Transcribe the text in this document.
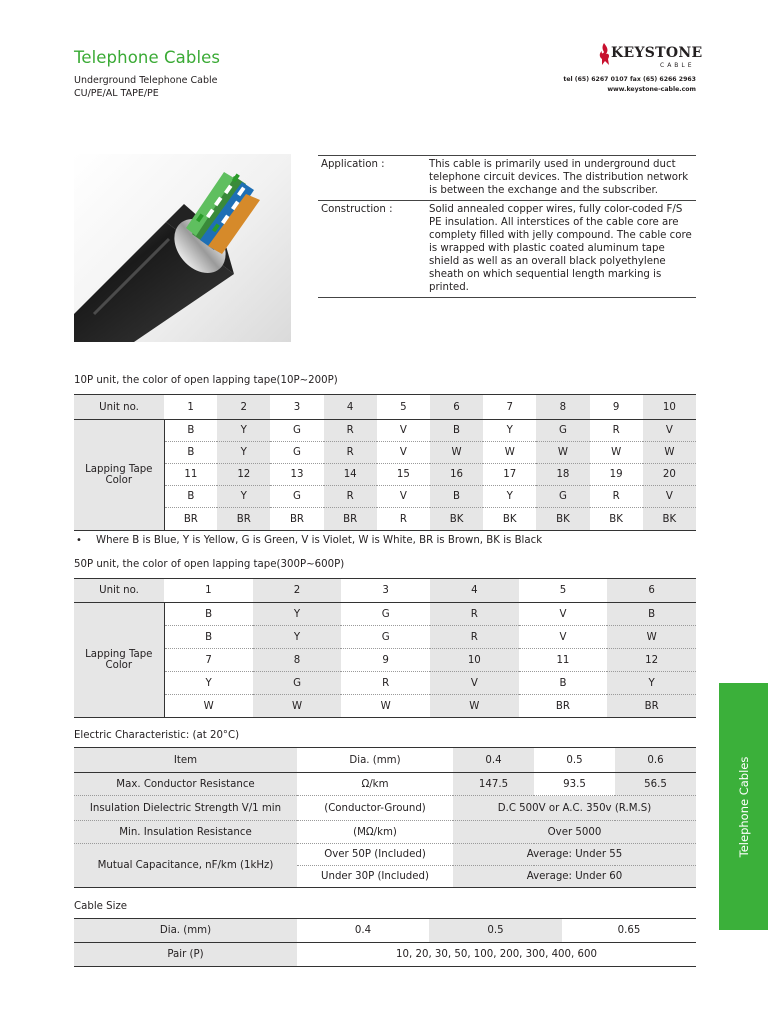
Telephone Cables
Underground Telephone Cable
CU/PE/AL TAPE/PE
KEYSTONE
CABLE
tel (65) 6267 0107 fax (65) 6266 2963
www.keystone-cable.com
Application :	This cable is primarily used in underground duct telephone circuit devices. The distribution network is between the exchange and the subscriber.
Construction :	Solid annealed copper wires, fully color-coded F/S PE insulation. All interstices of the cable core are complety filled with jelly compound. The cable core is wrapped with plastic coated aluminum tape shield as well as an overall black polyethylene sheath on which sequential length marking is printed.
10P unit, the color of open lapping tape(10P~200P)
Unit no.	1	2	3	4	5	6	7	8	9	10
Lapping Tape Color	B	Y	G	R	V	B	Y	G	R	V
	B	Y	G	R	V	W	W	W	W	W
	11	12	13	14	15	16	17	18	19	20
	B	Y	G	R	V	B	Y	G	R	V
	BR	BR	BR	BR	R	BK	BK	BK	BK	BK
• Where B is Blue, Y is Yellow, G is Green, V is Violet, W is White, BR is Brown, BK is Black
50P unit, the color of open lapping tape(300P~600P)
Unit no.	1	2	3	4	5	6
Lapping Tape Color	B	Y	G	R	V	B
	B	Y	G	R	V	W
	7	8	9	10	11	12
	Y	G	R	V	B	Y
	W	W	W	W	BR	BR
Electric Characteristic: (at 20°C)
Item	Dia. (mm)	0.4	0.5	0.6
Max. Conductor Resistance	Ω/km	147.5	93.5	56.5
Insulation Dielectric Strength V/1 min	(Conductor-Ground)	D.C 500V or A.C. 350v (R.M.S)		
Min. Insulation Resistance	(MΩ/km)	Over 5000		
Mutual Capacitance, nF/km (1kHz)	Over 50P (Included)	Average: Under 55		
	Under 30P (Included)	Average: Under 60		
Cable Size
Dia. (mm)	0.4	0.5	0.65
Pair (P)	10, 20, 30, 50, 100, 200, 300, 400, 600		
Telephone Cables
